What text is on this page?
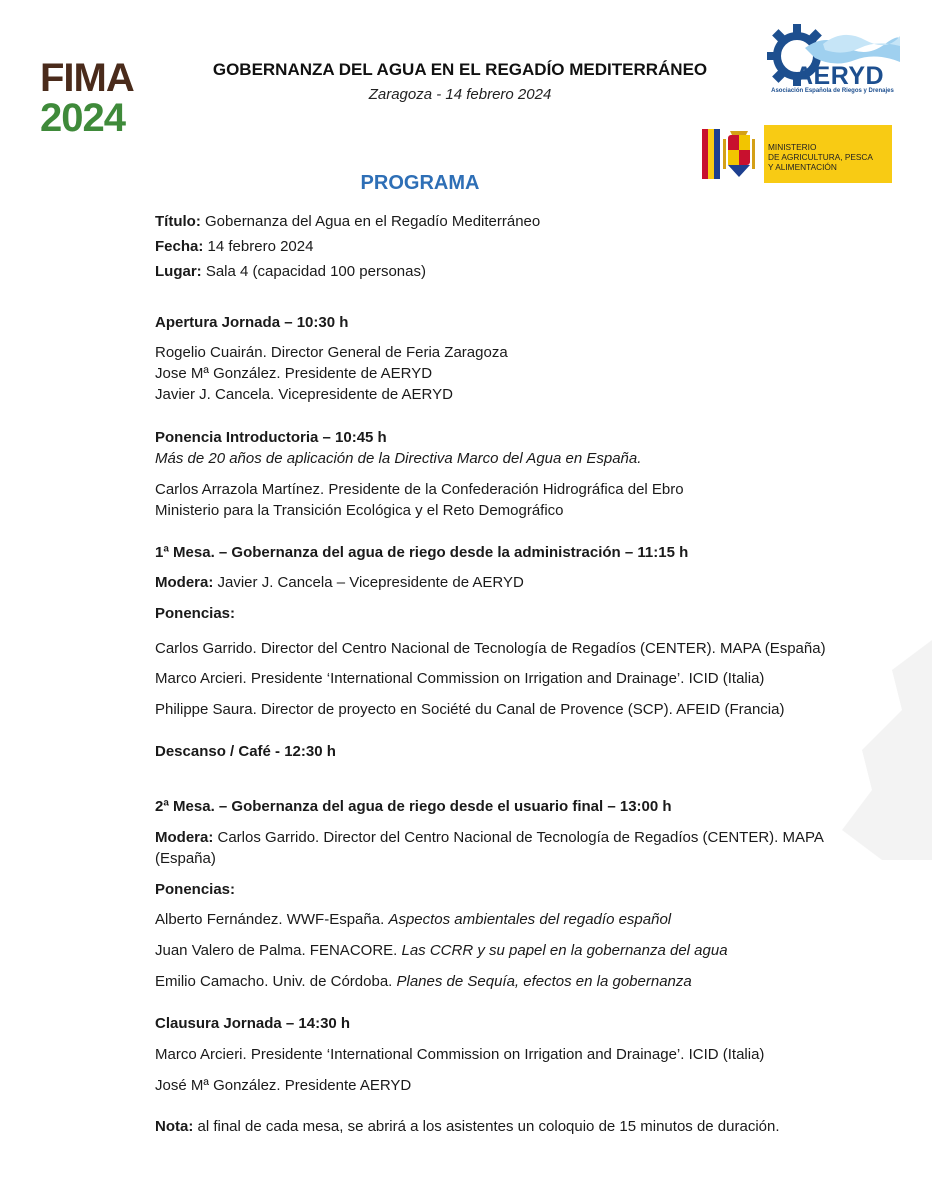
FIMA
2024
GOBERNANZA DEL AGUA EN EL REGADÍO MEDITERRÁNEO
Zaragoza - 14 febrero 2024
AERYD
Asociación Española de Riegos y Drenajes
MINISTERIO
DE AGRICULTURA, PESCA
Y ALIMENTACIÓN
PROGRAMA
Título: Gobernanza del Agua en el Regadío Mediterráneo
Fecha: 14 febrero 2024
Lugar: Sala 4 (capacidad 100 personas)
Apertura Jornada – 10:30 h
Rogelio Cuairán. Director General de Feria Zaragoza
Jose Mª González. Presidente de AERYD
Javier J. Cancela. Vicepresidente de AERYD
Ponencia Introductoria – 10:45 h
Más de 20 años de aplicación de la Directiva Marco del Agua en España.
Carlos Arrazola Martínez. Presidente de la Confederación Hidrográfica del Ebro
Ministerio para la Transición Ecológica y el Reto Demográfico
1ª Mesa. – Gobernanza del agua de riego desde la administración – 11:15 h
Modera: Javier J. Cancela – Vicepresidente de AERYD
Ponencias:
Carlos Garrido. Director del Centro Nacional de Tecnología de Regadíos (CENTER). MAPA (España)
Marco Arcieri. Presidente ‘International Commission on Irrigation and Drainage’. ICID (Italia)
Philippe Saura. Director de proyecto en Société du Canal de Provence (SCP). AFEID (Francia)
Descanso / Café - 12:30 h
2ª Mesa. – Gobernanza del agua de riego desde el usuario final – 13:00 h
Modera: Carlos Garrido. Director del Centro Nacional de Tecnología de Regadíos (CENTER). MAPA
(España)
Ponencias:
Alberto Fernández. WWF-España. Aspectos ambientales del regadío español
Juan Valero de Palma. FENACORE. Las CCRR y su papel en la gobernanza del agua
Emilio Camacho. Univ. de Córdoba. Planes de Sequía, efectos en la gobernanza
Clausura Jornada – 14:30 h
Marco Arcieri. Presidente ‘International Commission on Irrigation and Drainage’. ICID (Italia)
José Mª González. Presidente AERYD
Nota: al final de cada mesa, se abrirá a los asistentes un coloquio de 15 minutos de duración.
